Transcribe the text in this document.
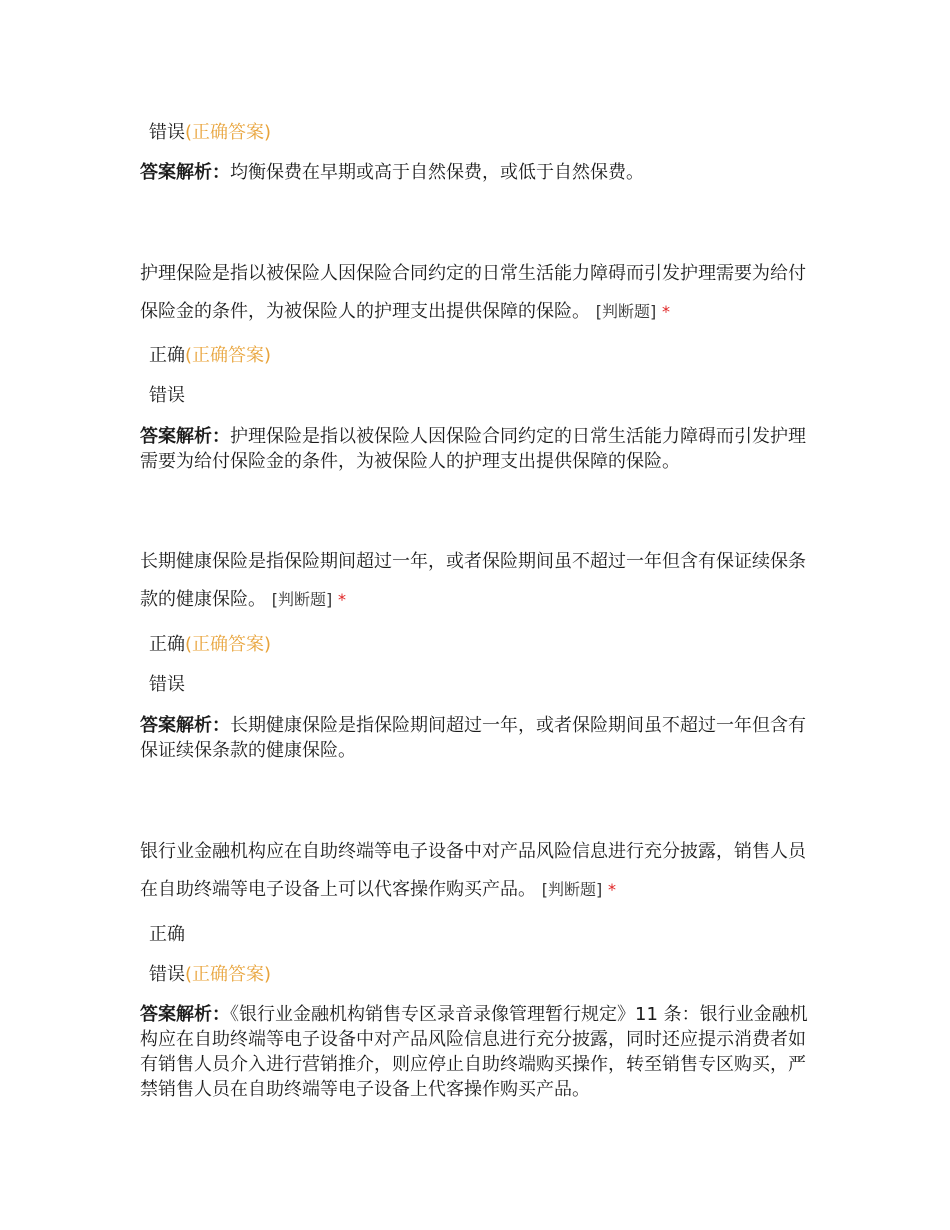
错误(正确答案)
答案解析：均衡保费在早期或高于自然保费，或低于自然保费。
护理保险是指以被保险人因保险合同约定的日常生活能力障碍而引发护理需要为给付保险金的条件，为被保险人的护理支出提供保障的保险。 [判断题] *
正确(正确答案)
错误
答案解析：护理保险是指以被保险人因保险合同约定的日常生活能力障碍而引发护理需要为给付保险金的条件，为被保险人的护理支出提供保障的保险。
长期健康保险是指保险期间超过一年，或者保险期间虽不超过一年但含有保证续保条款的健康保险。 [判断题] *
正确(正确答案)
错误
答案解析：长期健康保险是指保险期间超过一年，或者保险期间虽不超过一年但含有保证续保条款的健康保险。
银行业金融机构应在自助终端等电子设备中对产品风险信息进行充分披露，销售人员在自助终端等电子设备上可以代客操作购买产品。 [判断题] *
正确
错误(正确答案)
答案解析：《银行业金融机构销售专区录音录像管理暂行规定》11 条：银行业金融机构应在自助终端等电子设备中对产品风险信息进行充分披露，同时还应提示消费者如有销售人员介入进行营销推介，则应停止自助终端购买操作，转至销售专区购买，严禁销售人员在自助终端等电子设备上代客操作购买产品。
